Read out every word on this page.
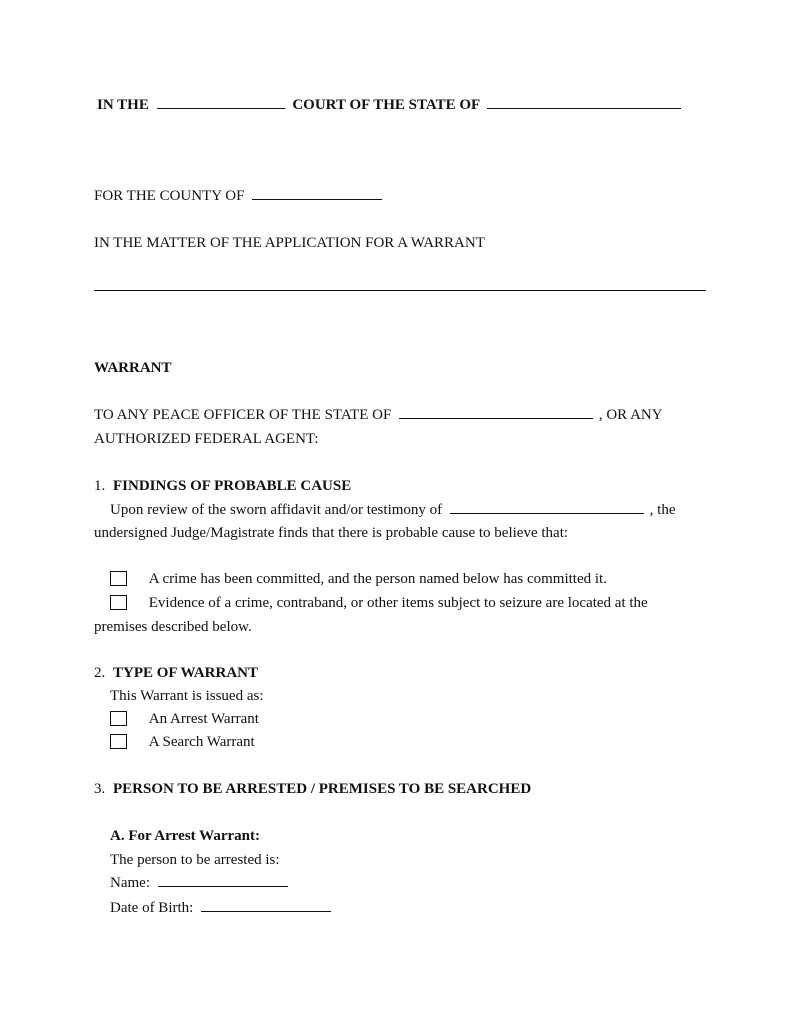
IN THE	COURT OF THE STATE OF
FOR THE COUNTY OF
IN THE MATTER OF THE APPLICATION FOR A WARRANT
WARRANT
TO ANY PEACE OFFICER OF THE STATE OF	, OR ANY
AUTHORIZED FEDERAL AGENT:
1. FINDINGS OF PROBABLE CAUSE
Upon review of the sworn affidavit and/or testimony of	, the
undersigned Judge/Magistrate finds that there is probable cause to believe that:
A crime has been committed, and the person named below has committed it.
Evidence of a crime, contraband, or other items subject to seizure are located at the
premises described below.
2. TYPE OF WARRANT
This Warrant is issued as:
An Arrest Warrant
A Search Warrant
3. PERSON TO BE ARRESTED / PREMISES TO BE SEARCHED
A. For Arrest Warrant:
The person to be arrested is:
Name:
Date of Birth:
